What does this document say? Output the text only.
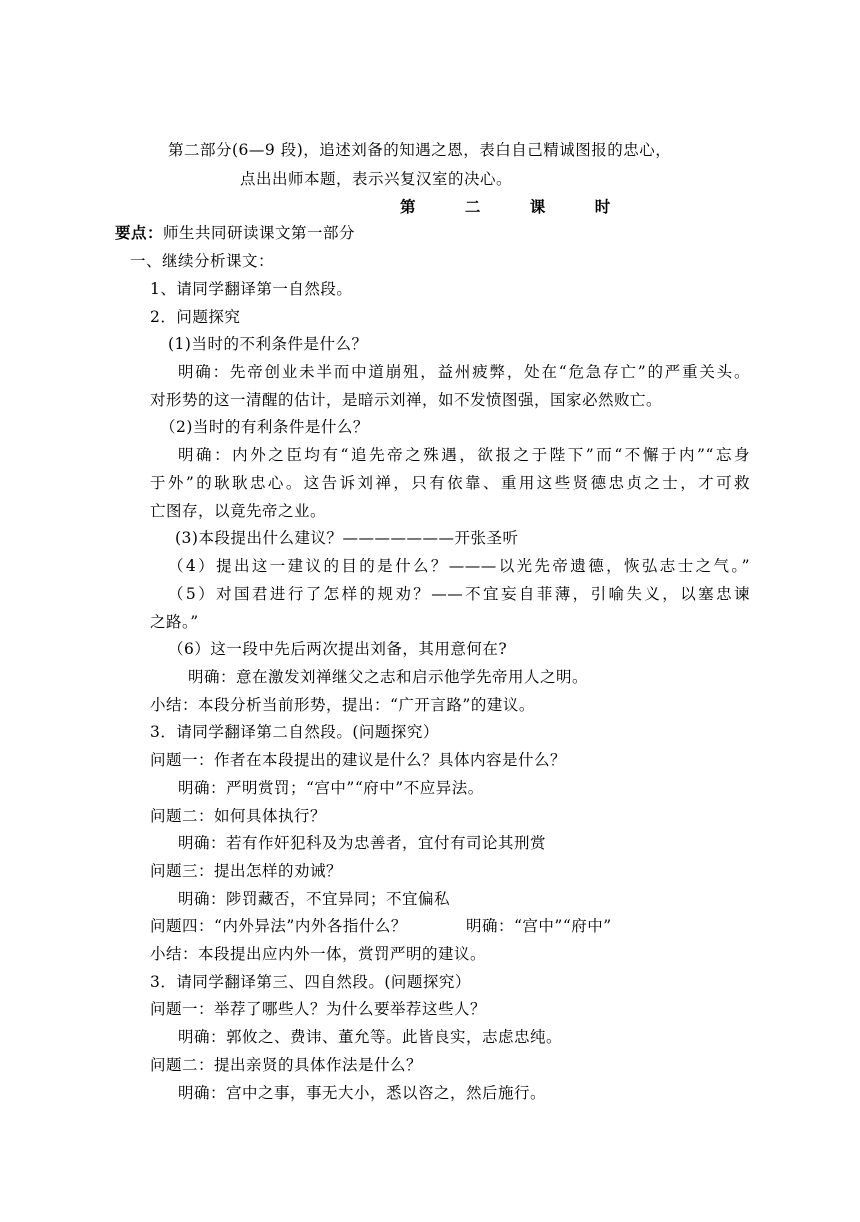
第二部分(6—9 段)，追述刘备的知遇之恩，表白自己精诚图报的忠心，
点出出师本题，表示兴复汉室的决心。
第 二 课 时
要点：师生共同研读课文第一部分
一、继续分析课文：
1、请同学翻译第一自然段。
2．问题探究
(1)当时的不利条件是什么？
明确：先帝创业未半而中道崩殂，益州疲弊，处在“危急存亡”的严重关头。
对形势的这一清醒的估计，是暗示刘禅，如不发愤图强，国家必然败亡。
（2)当时的有利条件是什么？
明确：内外之臣均有“追先帝之殊遇，欲报之于陛下”而“不懈于内”“忘身
于外”的耿耿忠心。这告诉刘禅，只有依靠、重用这些贤德忠贞之士，才可救
亡图存，以竟先帝之业。
(3)本段提出什么建议？———————开张圣听
（4）提出这一建议的目的是什么？———以光先帝遗德，恢弘志士之气。”
（5）对国君进行了怎样的规劝？——不宜妄自菲薄，引喻失义，以塞忠谏
之路。”
（6）这一段中先后两次提出刘备，其用意何在?
明确：意在激发刘禅继父之志和启示他学先帝用人之明。
小结：本段分析当前形势，提出：“广开言路”的建议。
3．请同学翻译第二自然段。(问题探究）
问题一：作者在本段提出的建议是什么？具体内容是什么？
明确：严明赏罚；“宫中”“府中”不应异法。
问题二：如何具体执行？
明确：若有作奸犯科及为忠善者，宜付有司论其刑赏
问题三：提出怎样的劝诫？
明确：陟罚藏否，不宜异同；不宜偏私
问题四：“内外异法”内外各指什么？	明确：“宫中”“府中”
小结：本段提出应内外一体，赏罚严明的建议。
3．请同学翻译第三、四自然段。(问题探究）
问题一：举荐了哪些人？为什么要举荐这些人？
明确：郭攸之、费讳、董允等。此皆良实，志虑忠纯。
问题二：提出亲贤的具体作法是什么？
明确：宫中之事，事无大小，悉以咨之，然后施行。
